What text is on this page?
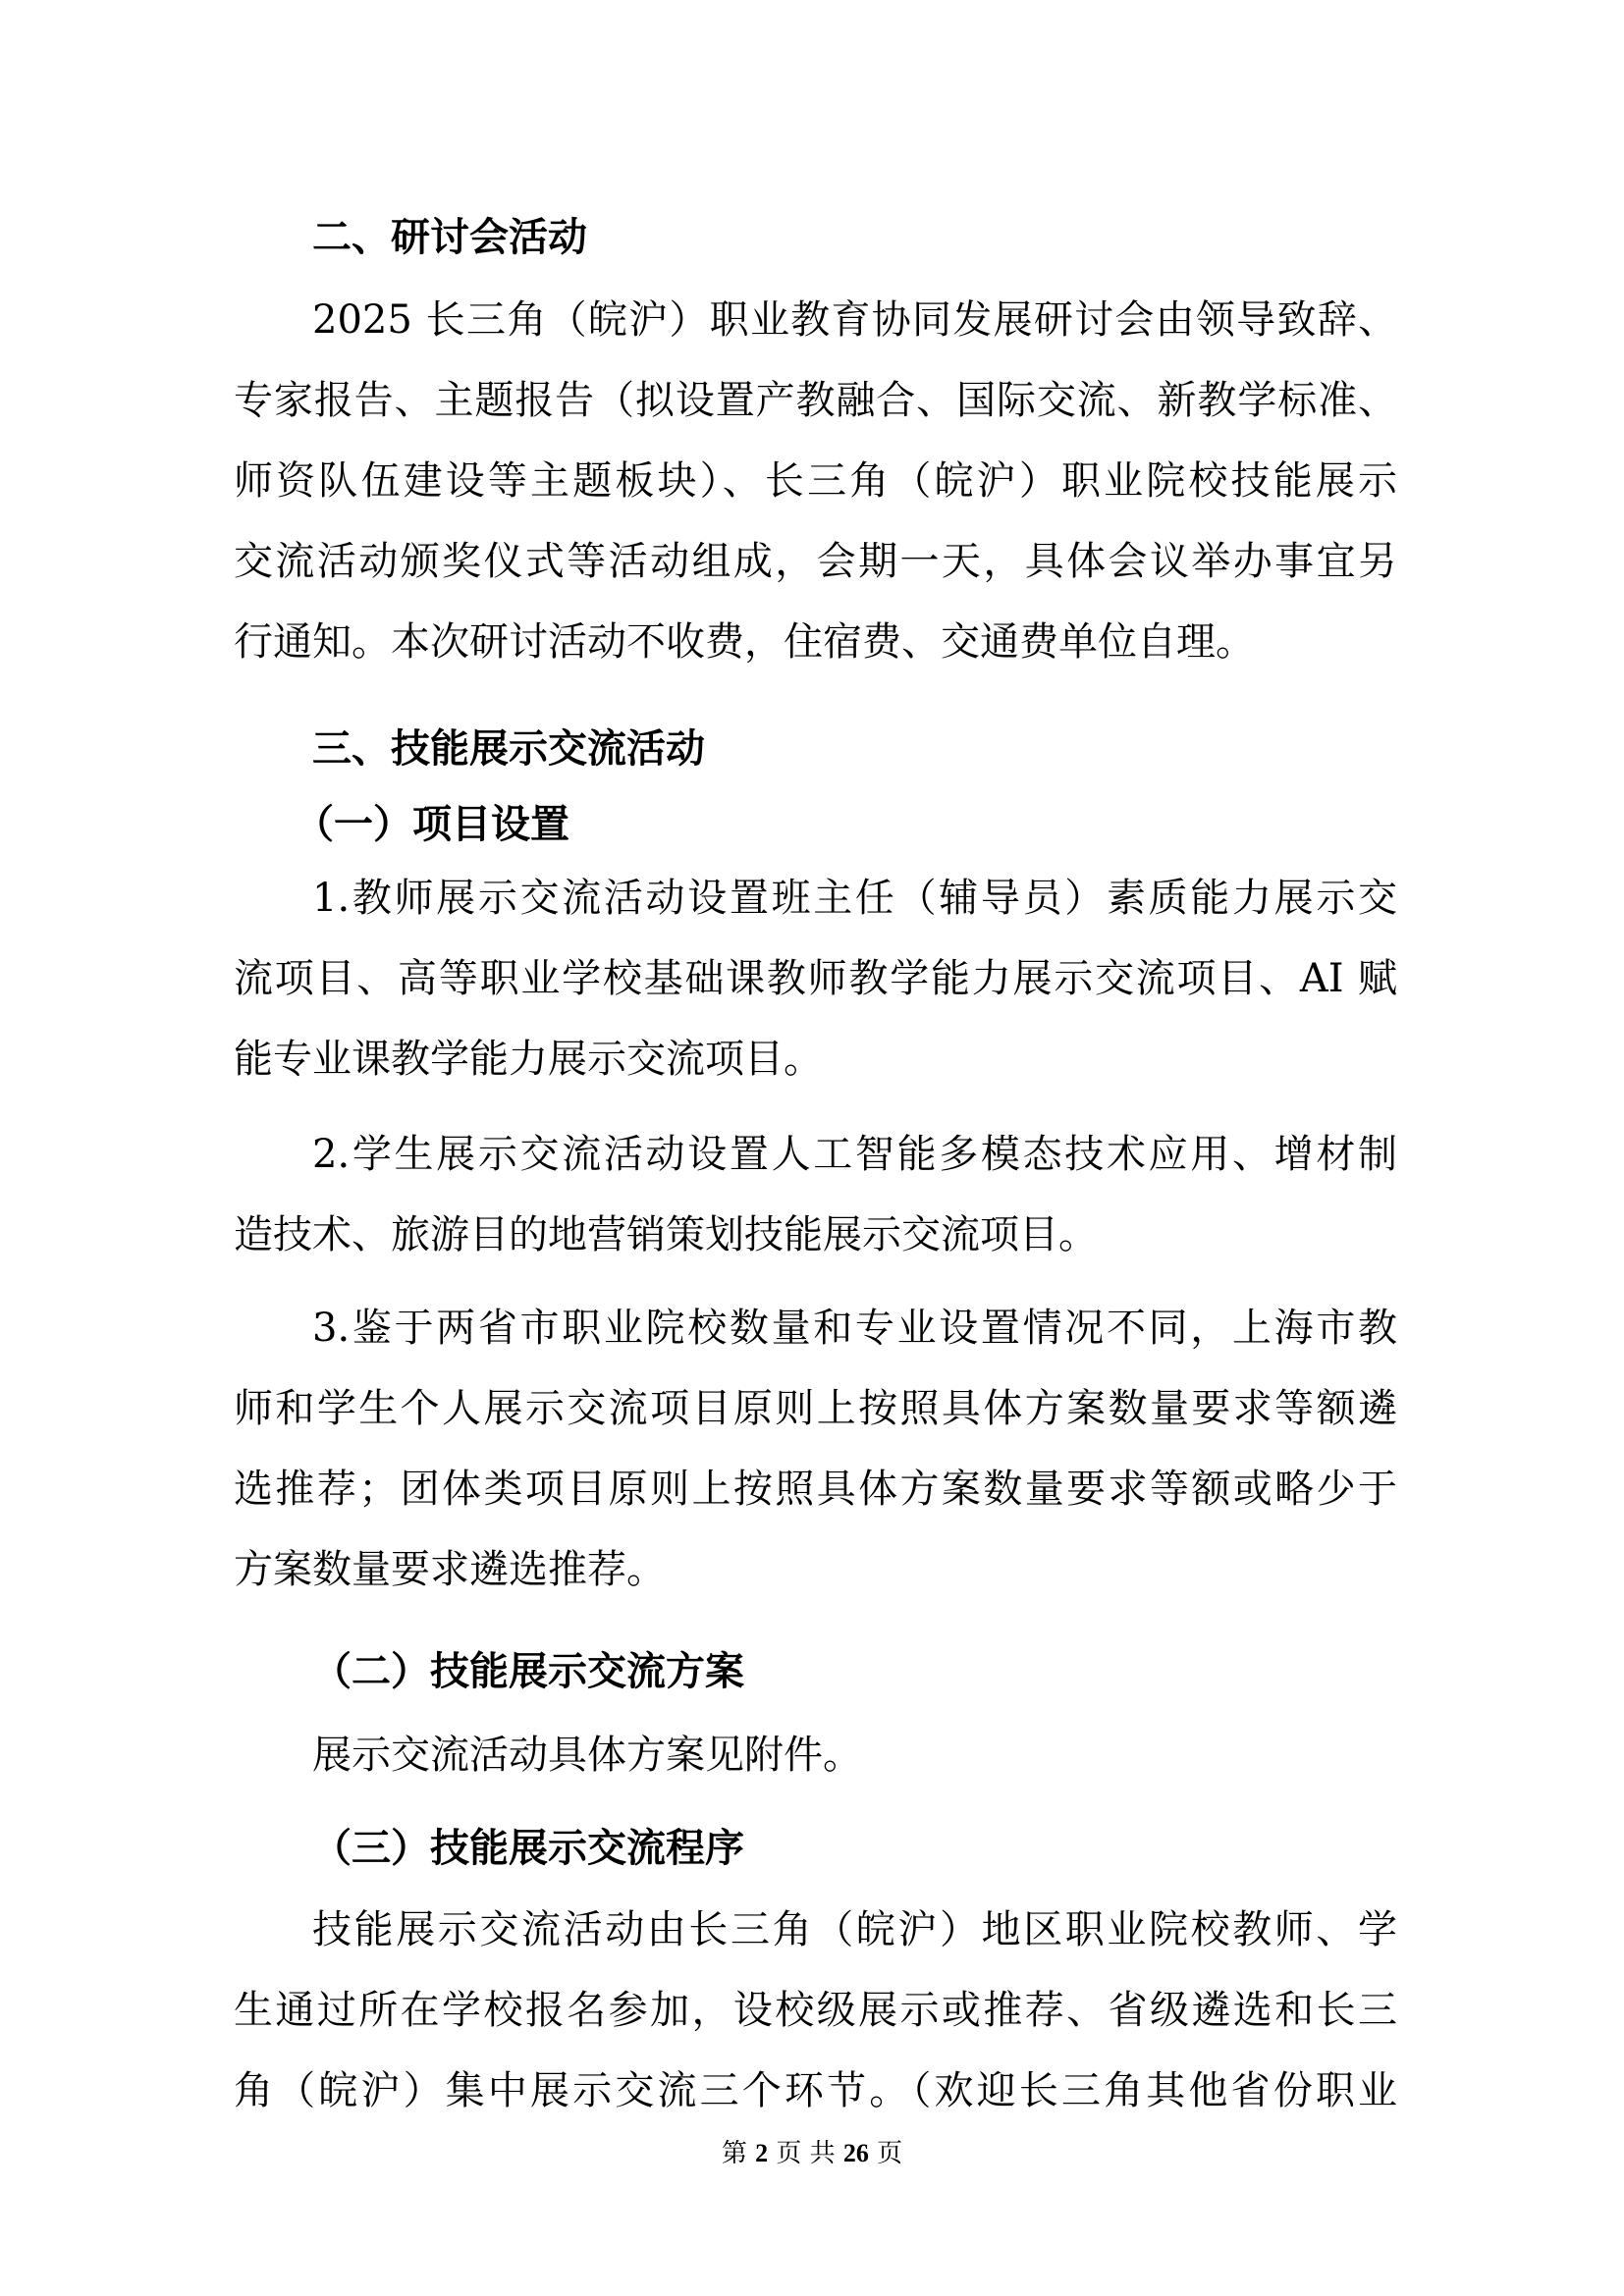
二、研讨会活动
2025 长三角（皖沪）职业教育协同发展研讨会由领导致辞、
专家报告、主题报告（拟设置产教融合、国际交流、新教学标准、
师资队伍建设等主题板块）、长三角（皖沪）职业院校技能展示
交流活动颁奖仪式等活动组成，会期一天，具体会议举办事宜另
行通知。本次研讨活动不收费，住宿费、交通费单位自理。
三、技能展示交流活动
（一）项目设置
1.教师展示交流活动设置班主任（辅导员）素质能力展示交
流项目、高等职业学校基础课教师教学能力展示交流项目、AI 赋
能专业课教学能力展示交流项目。
2.学生展示交流活动设置人工智能多模态技术应用、增材制
造技术、旅游目的地营销策划技能展示交流项目。
3.鉴于两省市职业院校数量和专业设置情况不同，上海市教
师和学生个人展示交流项目原则上按照具体方案数量要求等额遴
选推荐；团体类项目原则上按照具体方案数量要求等额或略少于
方案数量要求遴选推荐。
（二）技能展示交流方案
展示交流活动具体方案见附件。
（三）技能展示交流程序
技能展示交流活动由长三角（皖沪）地区职业院校教师、学
生通过所在学校报名参加，设校级展示或推荐、省级遴选和长三
角（皖沪）集中展示交流三个环节。（欢迎长三角其他省份职业
第 2 页 共 26 页
